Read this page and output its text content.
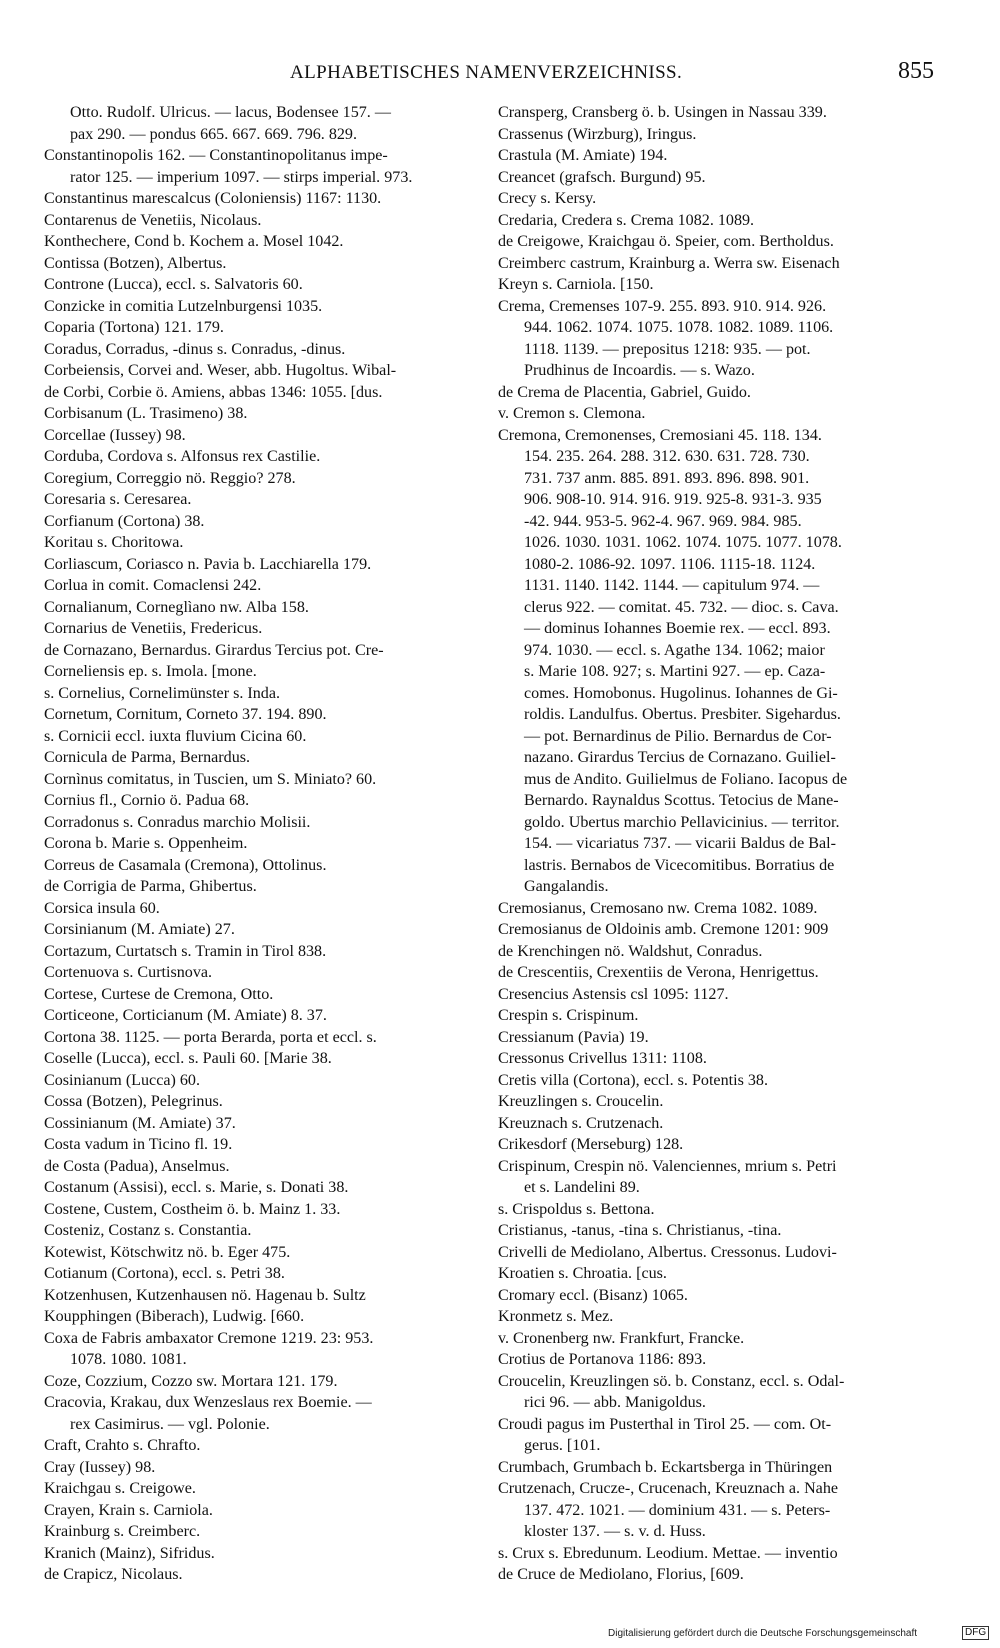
ALPHABETISCHES NAMENVERZEICHNISS.	855
Otto. Rudolf. Ulricus. — lacus, Bodensee 157. —
pax 290. — pondus 665. 667. 669. 796. 829.
Constantinopolis 162. — Constantinopolitanus impe-
rator 125. — imperium 1097. — stirps imperial. 973.
Constantinus marescalcus (Coloniensis) 1167: 1130.
Contarenus de Venetiis, Nicolaus.
Konthechere, Cond b. Kochem a. Mosel 1042.
Contissa (Botzen), Albertus.
Controne (Lucca), eccl. s. Salvatoris 60.
Conzicke in comitia Lutzelnburgensi 1035.
Coparia (Tortona) 121. 179.
Coradus, Corradus, -dinus s. Conradus, -dinus.
Corbeiensis, Corvei and. Weser, abb. Hugoltus. Wibal-
de Corbi, Corbie ö. Amiens, abbas 1346: 1055. [dus.
Corbisanum (L. Trasimeno) 38.
Corcellae (Iussey) 98.
Corduba, Cordova s. Alfonsus rex Castilie.
Coregium, Correggio nö. Reggio? 278.
Coresaria s. Ceresarea.
Corfianum (Cortona) 38.
Koritau s. Choritowa.
Corliascum, Coriasco n. Pavia b. Lacchiarella 179.
Corlua in comit. Comaclensi 242.
Cornalianum, Corneglìano nw. Alba 158.
Cornarius de Venetiis, Fredericus.
de Cornazano, Bernardus. Girardus Tercius pot. Cre-
Corneliensis ep. s. Imola. [mone.
s. Cornelius, Cornelimünster s. Inda.
Cornetum, Cornitum, Corneto 37. 194. 890.
s. Cornicii eccl. iuxta fluvium Cicina 60.
Cornicula de Parma, Bernardus.
Cornìnus comitatus, in Tuscien, um S. Miniato? 60.
Cornius fl., Cornio ö. Padua 68.
Corradonus s. Conradus marchio Molisii.
Corona b. Marie s. Oppenheim.
Correus de Casamala (Cremona), Ottolinus.
de Corrigia de Parma, Ghibertus.
Corsica insula 60.
Corsinianum (M. Amiate) 27.
Cortazum, Curtatsch s. Tramin in Tirol 838.
Cortenuova s. Curtisnova.
Cortese, Curtese de Cremona, Otto.
Corticeone, Corticianum (M. Amiate) 8. 37.
Cortona 38. 1125. — porta Berarda, porta et eccl. s.
Coselle (Lucca), eccl. s. Pauli 60. [Marie 38.
Cosinianum (Lucca) 60.
Cossa (Botzen), Pelegrinus.
Cossinianum (M. Amiate) 37.
Costa vadum in Ticino fl. 19.
de Costa (Padua), Anselmus.
Costanum (Assisi), eccl. s. Marie, s. Donati 38.
Costene, Custem, Costheim ö. b. Mainz 1. 33.
Costeniz, Costanz s. Constantia.
Kotewist, Kötschwitz nö. b. Eger 475.
Cotianum (Cortona), eccl. s. Petri 38.
Kotzenhusen, Kutzenhausen nö. Hagenau b. Sultz
Koupphingen (Biberach), Ludwig. [660.
Coxa de Fabris ambaxator Cremone 1219. 23: 953.
1078. 1080. 1081.
Coze, Cozzium, Cozzo sw. Mortara 121. 179.
Cracovia, Krakau, dux Wenzeslaus rex Boemie. —
rex Casimirus. — vgl. Polonie.
Craft, Crahto s. Chrafto.
Cray (Iussey) 98.
Kraichgau s. Creigowe.
Crayen, Krain s. Carniola.
Krainburg s. Creimberc.
Kranich (Mainz), Sifridus.
de Crapicz, Nicolaus.
Cransperg, Cransberg ö. b. Usingen in Nassau 339.
Crassenus (Wirzburg), Iringus.
Crastula (M. Amiate) 194.
Creancet (grafsch. Burgund) 95.
Crecy s. Kersy.
Credaria, Credera s. Crema 1082. 1089.
de Creigowe, Kraichgau ö. Speier, com. Bertholdus.
Creimberc castrum, Krainburg a. Werra sw. Eisenach
Kreyn s. Carniola. [150.
Crema, Cremenses 107-9. 255. 893. 910. 914. 926.
944. 1062. 1074. 1075. 1078. 1082. 1089. 1106.
1118. 1139. — prepositus 1218: 935. — pot.
Prudhinus de Incoardis. — s. Wazo.
de Crema de Placentia, Gabriel, Guido.
v. Cremon s. Clemona.
Cremona, Cremonenses, Cremosiani 45. 118. 134.
154. 235. 264. 288. 312. 630. 631. 728. 730.
731. 737 anm. 885. 891. 893. 896. 898. 901.
906. 908-10. 914. 916. 919. 925-8. 931-3. 935
-42. 944. 953-5. 962-4. 967. 969. 984. 985.
1026. 1030. 1031. 1062. 1074. 1075. 1077. 1078.
1080-2. 1086-92. 1097. 1106. 1115-18. 1124.
1131. 1140. 1142. 1144. — capitulum 974. —
clerus 922. — comitat. 45. 732. — dioc. s. Cava.
— dominus Iohannes Boemie rex. — eccl. 893.
974. 1030. — eccl. s. Agathe 134. 1062; maior
s. Marie 108. 927; s. Martini 927. — ep. Caza-
comes. Homobonus. Hugolinus. Iohannes de Gi-
roldis. Landulfus. Obertus. Presbiter. Sigehardus.
— pot. Bernardinus de Pilio. Bernardus de Cor-
nazano. Girardus Tercius de Cornazano. Guiliel-
mus de Andito. Guilielmus de Foliano. Iacopus de
Bernardo. Raynaldus Scottus. Tetocius de Mane-
goldo. Ubertus marchio Pellavicinius. — territor.
154. — vicariatus 737. — vicarii Baldus de Bal-
lastris. Bernabos de Vicecomitibus. Borratius de
Gangalandis.
Cremosianus, Cremosano nw. Crema 1082. 1089.
Cremosianus de Oldoinis amb. Cremone 1201: 909
de Krenchingen nö. Waldshut, Conradus.
de Crescentiis, Crexentiis de Verona, Henrigettus.
Cresencius Astensis csl 1095: 1127.
Crespin s. Crispinum.
Cressianum (Pavia) 19.
Cressonus Crivellus 1311: 1108.
Cretis villa (Cortona), eccl. s. Potentis 38.
Kreuzlingen s. Croucelin.
Kreuznach s. Crutzenach.
Crikesdorf (Merseburg) 128.
Crispinum, Crespin nö. Valenciennes, mrium s. Petri
et s. Landelini 89.
s. Crispoldus s. Bettona.
Cristianus, -tanus, -tina s. Christianus, -tina.
Crivelli de Mediolano, Albertus. Cressonus. Ludovi-
Kroatien s. Chroatia. [cus.
Cromary eccl. (Bisanz) 1065.
Kronmetz s. Mez.
v. Cronenberg nw. Frankfurt, Francke.
Crotius de Portanova 1186: 893.
Croucelin, Kreuzlingen sö. b. Constanz, eccl. s. Odal-
rici 96. — abb. Manigoldus.
Croudi pagus im Pusterthal in Tirol 25. — com. Ot-
gerus. [101.
Crumbach, Grumbach b. Eckartsberga in Thüringen
Crutzenach, Crucze-, Crucenach, Kreuznach a. Nahe
137. 472. 1021. — dominium 431. — s. Peters-
kloster 137. — s. v. d. Huss.
s. Crux s. Ebredunum. Leodium. Mettae. — inventio
de Cruce de Mediolano, Florius, [609.
Digitalisierung gefördert durch die Deutsche Forschungsgemeinschaft	DFG
